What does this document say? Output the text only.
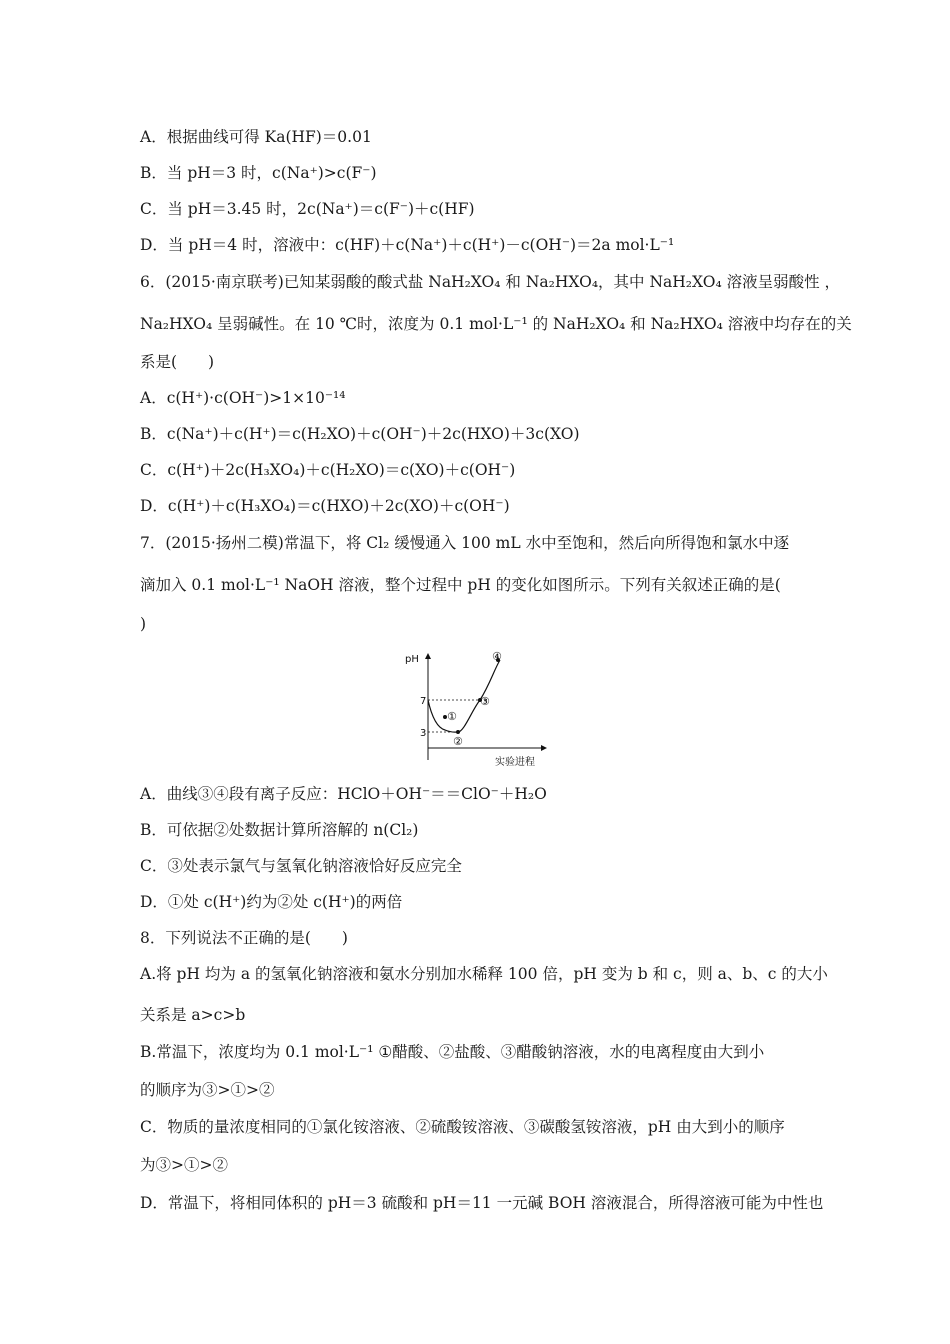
A．根据曲线可得 Ka(HF)＝0.01
B．当 pH＝3 时，c(Na⁺)>c(F⁻)
C．当 pH＝3.45 时，2c(Na⁺)＝c(F⁻)＋c(HF)
D．当 pH＝4 时，溶液中：c(HF)＋c(Na⁺)＋c(H⁺)－c(OH⁻)＝2a mol·L⁻¹
6．(2015·南京联考)已知某弱酸的酸式盐 NaH₂XO₄ 和 Na₂HXO₄，其中 NaH₂XO₄ 溶液呈弱酸性 ，
Na₂HXO₄ 呈弱碱性。在 10 ℃时，浓度为 0.1 mol·L⁻¹ 的 NaH₂XO₄ 和 Na₂HXO₄ 溶液中均存在的关
系是(　　)
A．c(H⁺)·c(OH⁻)>1×10⁻¹⁴
B．c(Na⁺)＋c(H⁺)＝c(H₂XO)＋c(OH⁻)＋2c(HXO)＋3c(XO)
C．c(H⁺)＋2c(H₃XO₄)＋c(H₂XO)＝c(XO)＋c(OH⁻)
D．c(H⁺)＋c(H₃XO₄)＝c(HXO)＋2c(XO)＋c(OH⁻)
7．(2015·扬州二模)常温下，将 Cl₂ 缓慢通入 100 mL 水中至饱和，然后向所得饱和氯水中逐
滴加入 0.1 mol·L⁻¹ NaOH 溶液，整个过程中 pH 的变化如图所示。下列有关叙述正确的是(
)
pH
7
3
①
②
③
④
实验进程
A．曲线③④段有离子反应：HClO＋OH⁻＝＝ClO⁻＋H₂O
B．可依据②处数据计算所溶解的 n(Cl₂)
C．③处表示氯气与氢氧化钠溶液恰好反应完全
D．①处 c(H⁺)约为②处 c(H⁺)的两倍
8．下列说法不正确的是(　　)
A.将 pH 均为 a 的氢氧化钠溶液和氨水分别加水稀释 100 倍，pH 变为 b 和 c，则 a、b、c 的大小
关系是 a>c>b
B.常温下，浓度均为 0.1 mol·L⁻¹ ①醋酸、②盐酸、③醋酸钠溶液，水的电离程度由大到小
的顺序为③>①>②
C．物质的量浓度相同的①氯化铵溶液、②硫酸铵溶液、③碳酸氢铵溶液，pH 由大到小的顺序
为③>①>②
D．常温下，将相同体积的 pH＝3 硫酸和 pH＝11 一元碱 BOH 溶液混合，所得溶液可能为中性也
